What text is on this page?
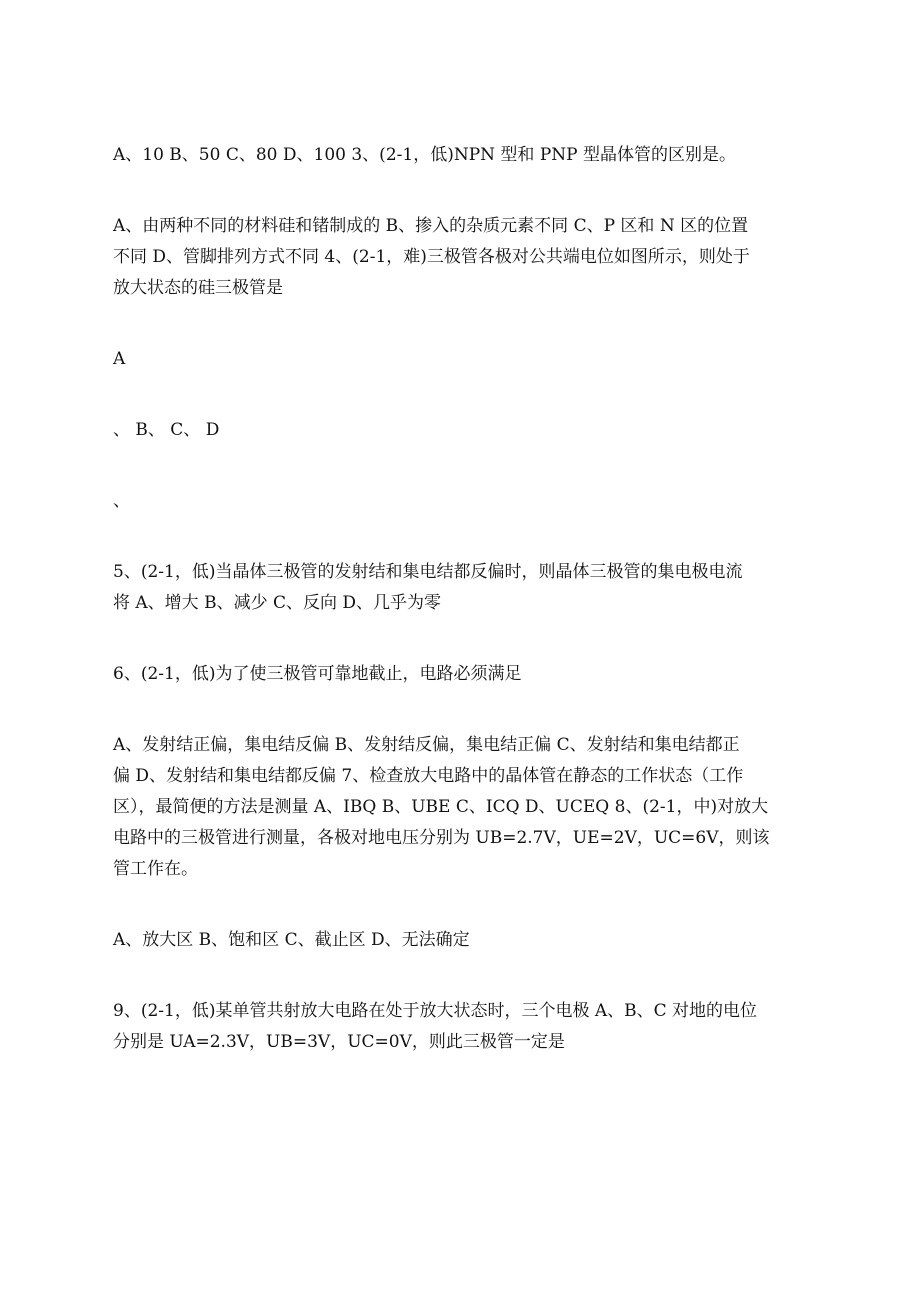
A、10 B、50 C、80 D、100 3、(2-1，低)NPN 型和 PNP 型晶体管的区别是。

A、由两种不同的材料硅和锗制成的 B、掺入的杂质元素不同 C、P 区和 N 区的位置
不同 D、管脚排列方式不同 4、(2-1，难)三极管各极对公共端电位如图所示，则处于
放大状态的硅三极管是

A

、 B、 C、 D

、

5、(2-1，低)当晶体三极管的发射结和集电结都反偏时，则晶体三极管的集电极电流
将 A、增大 B、减少 C、反向 D、几乎为零

6、(2-1，低)为了使三极管可靠地截止，电路必须满足

A、发射结正偏，集电结反偏 B、发射结反偏，集电结正偏 C、发射结和集电结都正
偏 D、发射结和集电结都反偏 7、检查放大电路中的晶体管在静态的工作状态（工作
区），最简便的方法是测量 A、IBQ B、UBE C、ICQ D、UCEQ 8、(2-1，中)对放大
电路中的三极管进行测量，各极对地电压分别为 UB=2.7V，UE=2V，UC=6V，则该
管工作在。

A、放大区 B、饱和区 C、截止区 D、无法确定

9、(2-1，低)某单管共射放大电路在处于放大状态时，三个电极 A、B、C 对地的电位
分别是 UA=2.3V，UB=3V，UC=0V，则此三极管一定是
